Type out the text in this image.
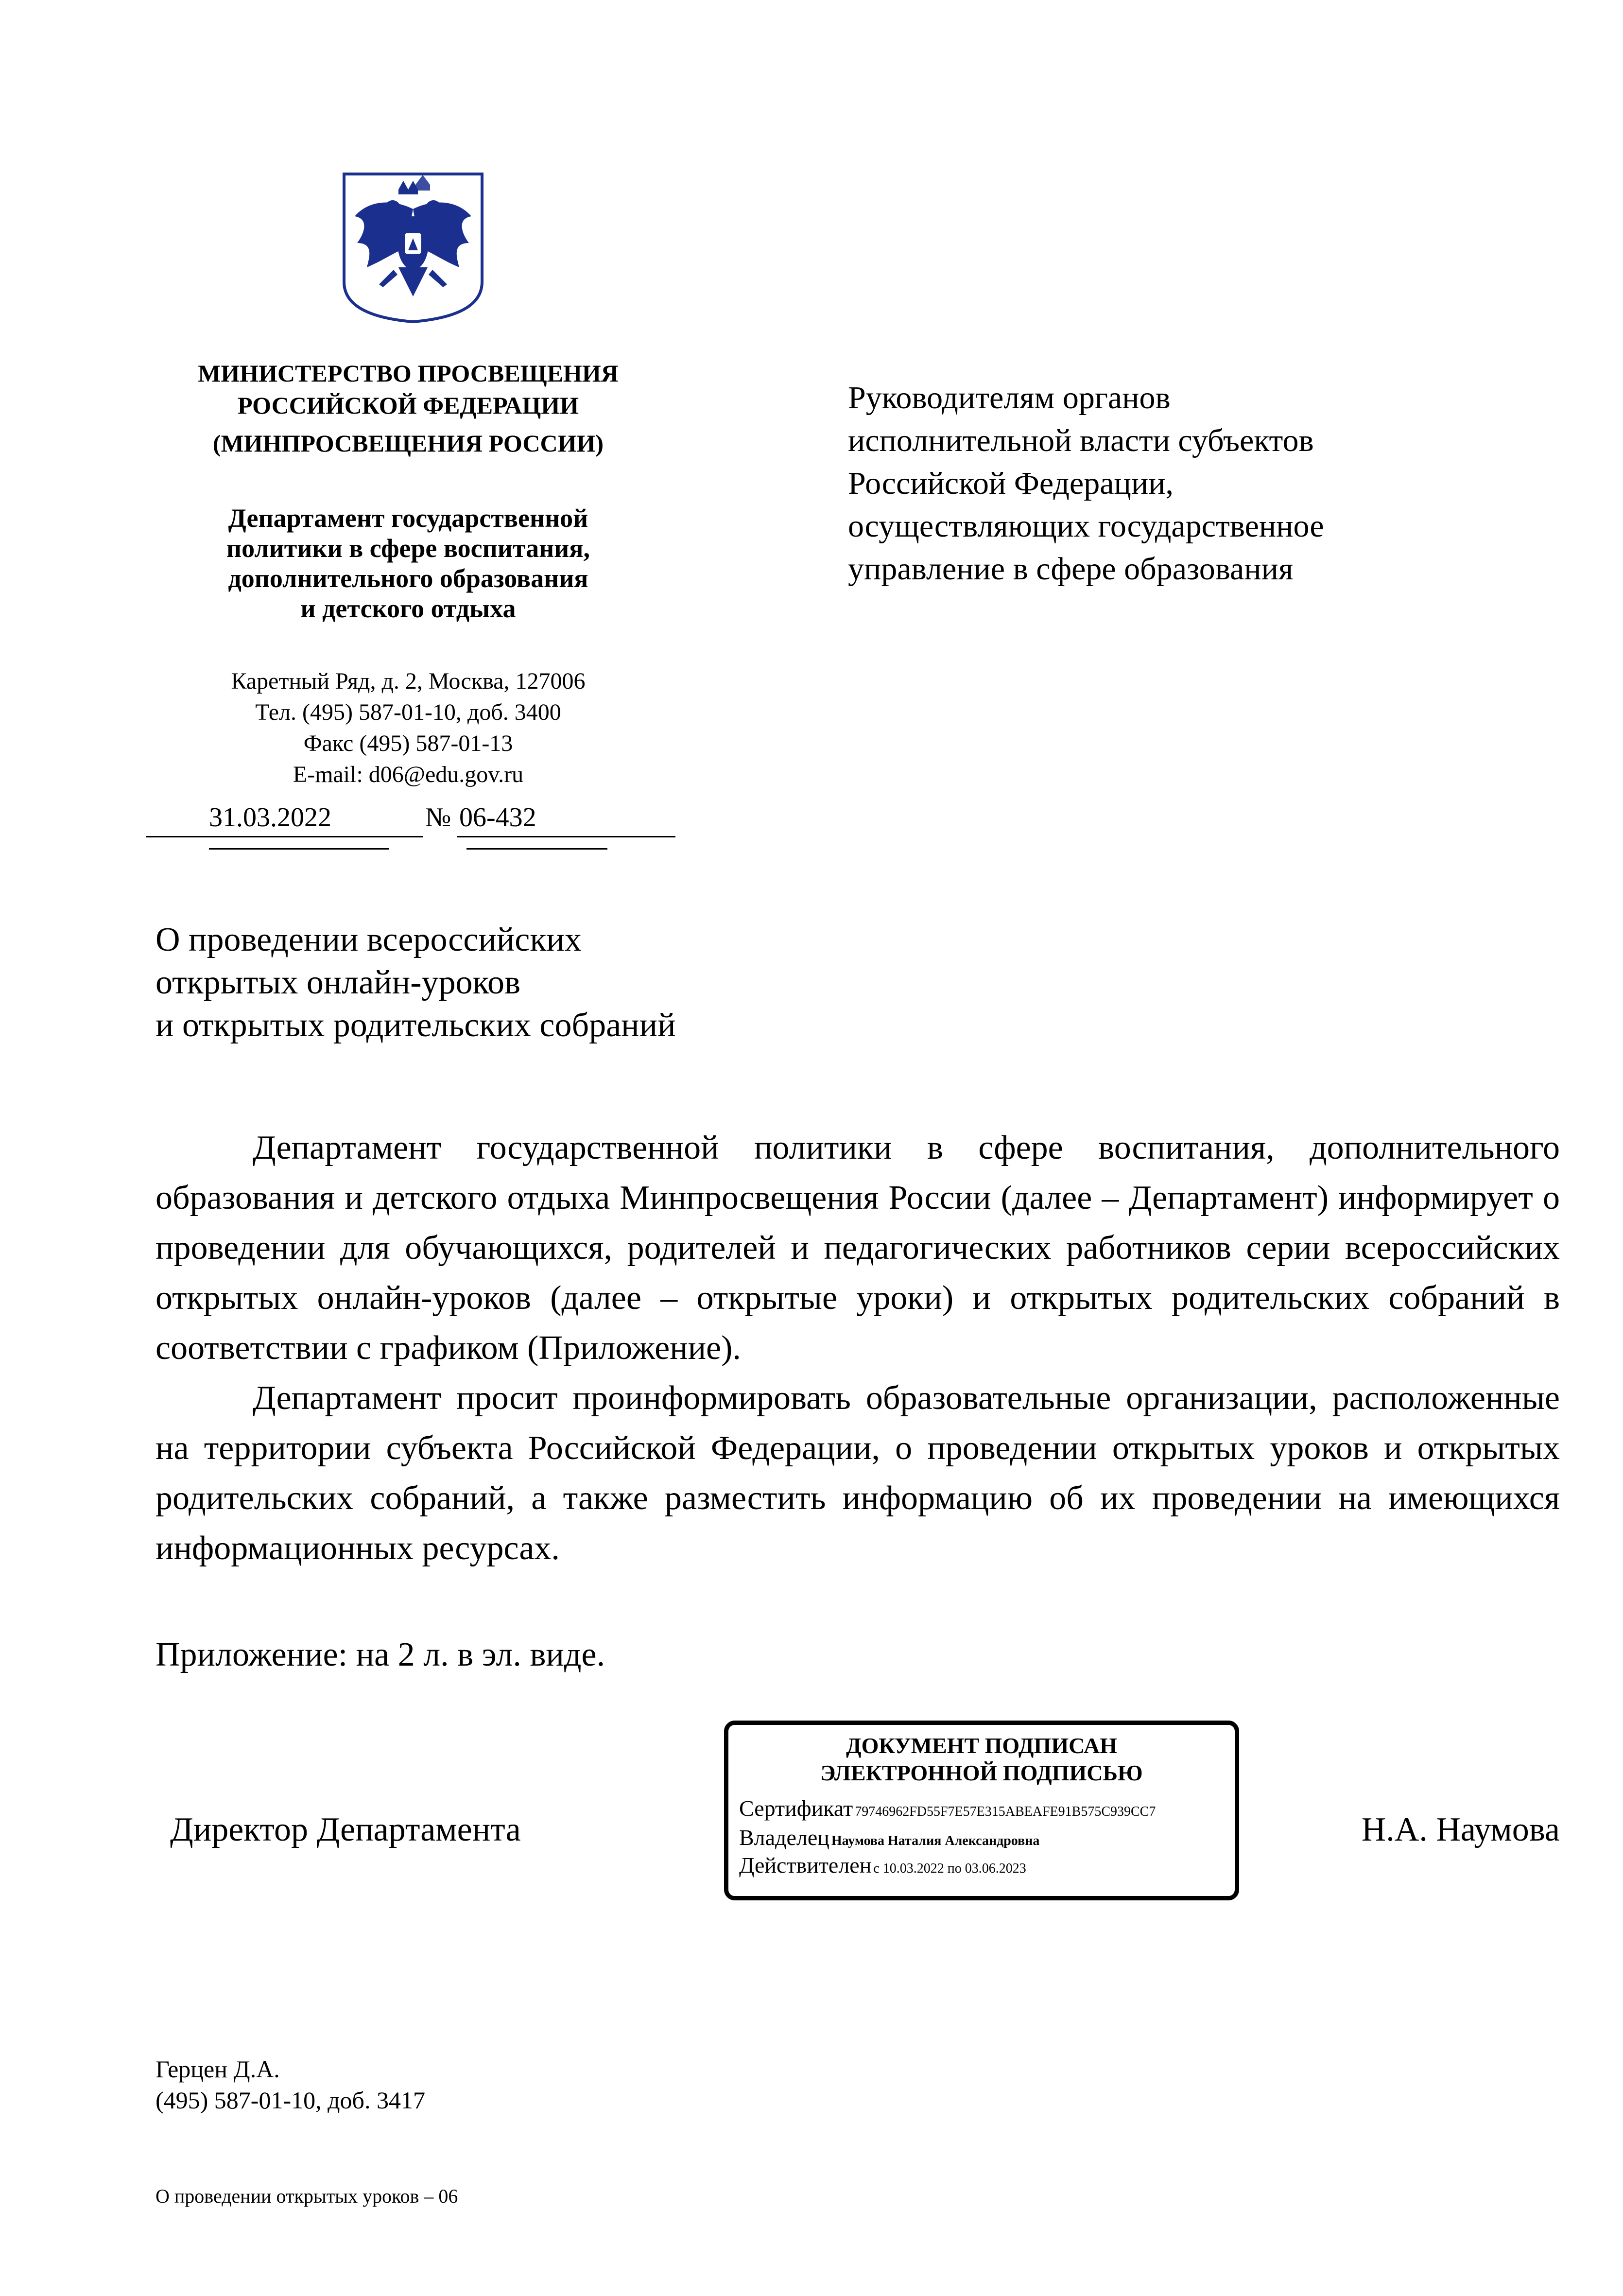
МИНИСТЕРСТВО ПРОСВЕЩЕНИЯ
РОССИЙСКОЙ ФЕДЕРАЦИИ
(МИНПРОСВЕЩЕНИЯ РОССИИ)
Департамент государственной
политики в сфере воспитания,
дополнительного образования
и детского отдыха
Каретный Ряд, д. 2, Москва, 127006
Тел. (495) 587-01-10, доб. 3400
Факс (495) 587-01-13
E-mail: d06@edu.gov.ru
31.03.2022	№ 06-432
Руководителям органов
исполнительной власти субъектов
Российской Федерации,
осуществляющих государственное
управление в сфере образования
О проведении всероссийских
открытых онлайн-уроков
и открытых родительских собраний

Департамент государственной политики в сфере воспитания, дополнительного образования и детского отдыха Минпросвещения России (далее – Департамент) информирует о проведении для обучающихся, родителей и педагогических работников серии всероссийских открытых онлайн-уроков (далее – открытые уроки) и открытых родительских собраний в соответствии с графиком (Приложение).

Департамент просит проинформировать образовательные организации, расположенные на территории субъекта Российской Федерации, о проведении открытых уроков и открытых родительских собраний, а также разместить информацию об их проведении на имеющихся информационных ресурсах.

Приложение: на 2 л. в эл. виде.
Директор Департамента
ДОКУМЕНТ ПОДПИСАН
ЭЛЕКТРОННОЙ ПОДПИСЬЮ
Сертификат 79746962FD55F7E57E315ABEAFE91B575C939CC7
Владелец Наумова Наталия Александровна
Действителен с 10.03.2022 по 03.06.2023
Н.А. Наумова
Герцен Д.А.
(495) 587-01-10, доб. 3417
О проведении открытых уроков – 06
